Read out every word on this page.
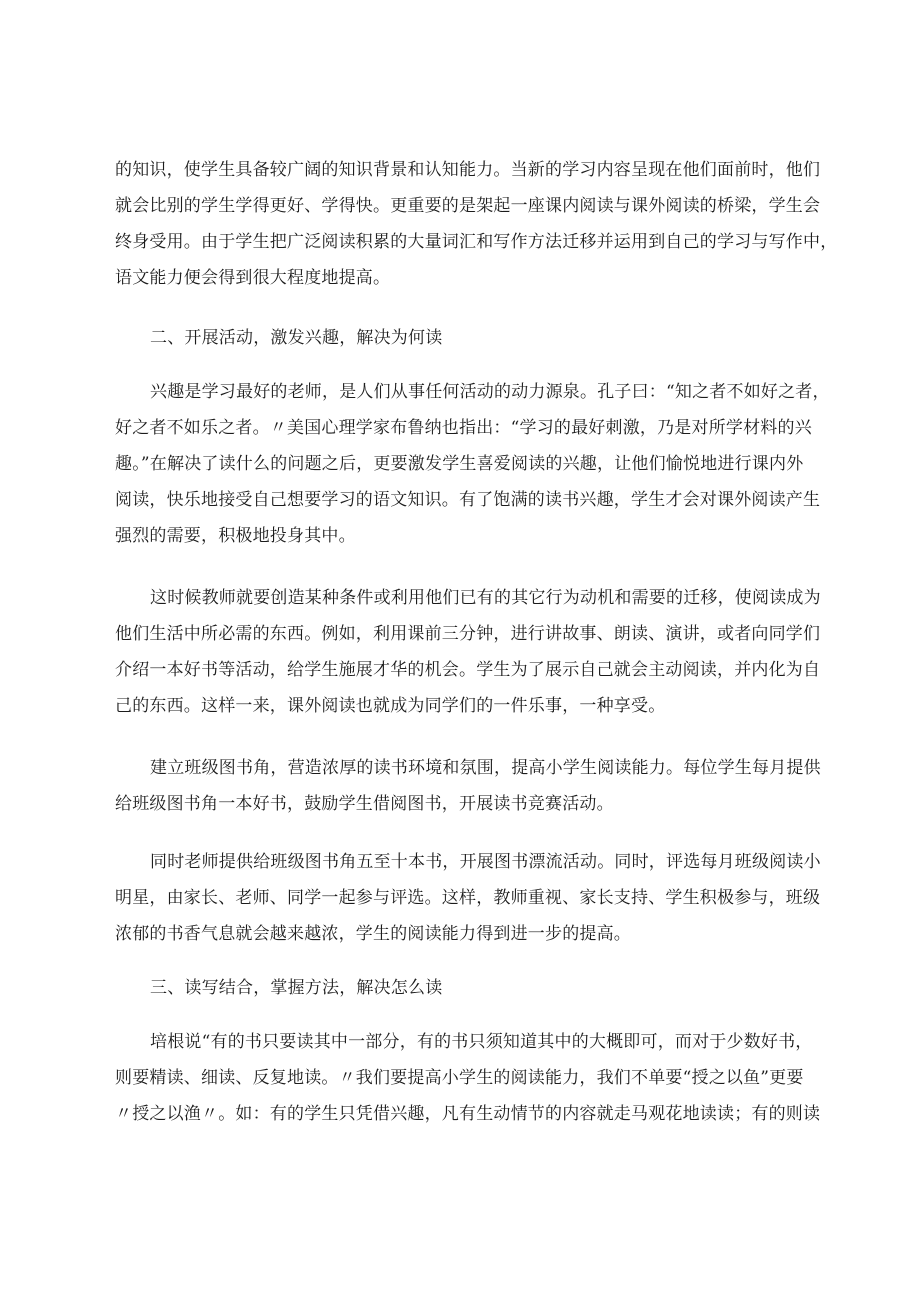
的知识，使学生具备较广阔的知识背景和认知能力。当新的学习内容呈现在他们面前时，他们
就会比别的学生学得更好、学得快。更重要的是架起一座课内阅读与课外阅读的桥梁，学生会
终身受用。由于学生把广泛阅读积累的大量词汇和写作方法迁移并运用到自己的学习与写作中，
语文能力便会得到很大程度地提高。
二、开展活动，激发兴趣，解决为何读
兴趣是学习最好的老师，是人们从事任何活动的动力源泉。孔子曰：“知之者不如好之者，
好之者不如乐之者。〃美国心理学家布鲁纳也指出：“学习的最好刺激，乃是对所学材料的兴
趣。”在解决了读什么的问题之后，更要激发学生喜爱阅读的兴趣，让他们愉悦地进行课内外
阅读，快乐地接受自己想要学习的语文知识。有了饱满的读书兴趣，学生才会对课外阅读产生
强烈的需要，积极地投身其中。
这时候教师就要创造某种条件或利用他们已有的其它行为动机和需要的迁移，使阅读成为
他们生活中所必需的东西。例如，利用课前三分钟，进行讲故事、朗读、演讲，或者向同学们
介绍一本好书等活动，给学生施展才华的机会。学生为了展示自己就会主动阅读，并内化为自
己的东西。这样一来，课外阅读也就成为同学们的一件乐事，一种享受。
建立班级图书角，营造浓厚的读书环境和氛围，提高小学生阅读能力。每位学生每月提供
给班级图书角一本好书，鼓励学生借阅图书，开展读书竞赛活动。
同时老师提供给班级图书角五至十本书，开展图书漂流活动。同时，评选每月班级阅读小
明星，由家长、老师、同学一起参与评选。这样，教师重视、家长支持、学生积极参与，班级
浓郁的书香气息就会越来越浓，学生的阅读能力得到进一步的提高。
三、读写结合，掌握方法，解决怎么读
培根说“有的书只要读其中一部分，有的书只须知道其中的大概即可，而对于少数好书，
则要精读、细读、反复地读。〃我们要提高小学生的阅读能力，我们不单要“授之以鱼”更要
〃授之以渔〃。如：有的学生只凭借兴趣，凡有生动情节的内容就走马观花地读读；有的则读
